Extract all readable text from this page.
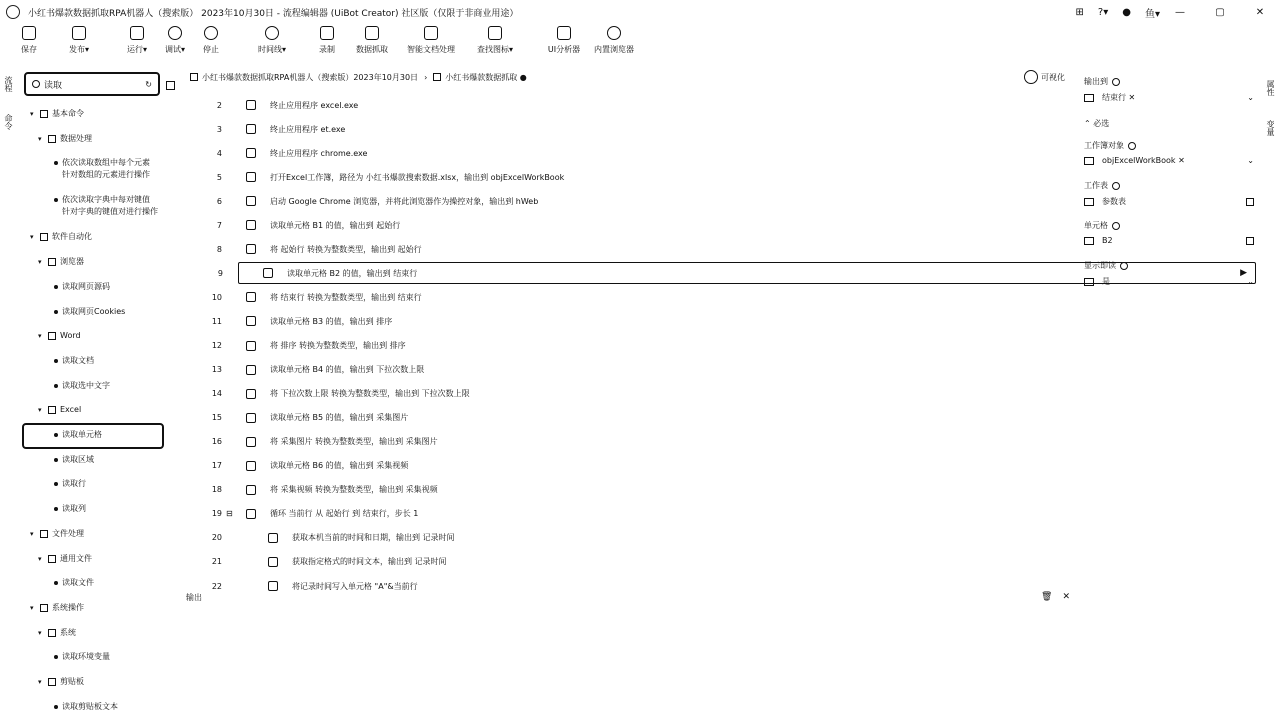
小红书爆款数据抓取RPA机器人（搜索版） 2023年10月30日 - 流程编辑器 (UiBot Creator) 社区版（仅限于非商业用途）	⊞ ?▾ ● 鱼▾	—	▢	✕
保存	发布▾	运行▾ 调试▾ 停止	时间线▾	录制	数据抓取 智能文档处理	查找图标▾	UI分析器 内置浏览器
流程
命令
读取	↻
▾	基本命令
▾	数据处理
依次读取数组中每个元素
针对数组的元素进行操作
依次读取字典中每对键值
针对字典的键值对进行操作
▾	软件自动化
▾	浏览器
读取网页源码
读取网页Cookies
▾	Word
读取文档
读取选中文字
▾	Excel
读取单元格
读取区域
读取行
读取列
▾	文件处理
▾	通用文件
读取文件
▾	系统操作
▾	系统
读取环境变量
▾	剪贴板
读取剪贴板文本
小红书爆款数据抓取RPA机器人（搜索版）2023年10月30日 › 小红书爆款数据抓取 ●	可视化
2	终止应用程序 excel.exe
3	终止应用程序 et.exe
4	终止应用程序 chrome.exe
5	打开Excel工作簿，路径为 小红书爆款搜索数据.xlsx，输出到 objExcelWorkBook
6	启动 Google Chrome 浏览器，并将此浏览器作为操控对象，输出到 hWeb
7	读取单元格 B1 的值，输出到 起始行
8	将 起始行 转换为整数类型，输出到 起始行
9	读取单元格 B2 的值，输出到 结束行	▶
10	将 结束行 转换为整数类型，输出到 结束行
11	读取单元格 B3 的值，输出到 排序
12	将 排序 转换为整数类型，输出到 排序
13	读取单元格 B4 的值，输出到 下拉次数上限
14	将 下拉次数上限 转换为整数类型，输出到 下拉次数上限
15	读取单元格 B5 的值，输出到 采集图片
16	将 采集图片 转换为整数类型，输出到 采集图片
17	读取单元格 B6 的值，输出到 采集视频
18	将 采集视频 转换为整数类型，输出到 采集视频
19 ⊟	循环 当前行 从 起始行 到 结束行，步长 1
20	获取本机当前的时间和日期，输出到 记录时间
21	获取指定格式的时间文本，输出到 记录时间
22	将记录时间写入单元格 "A"&当前行
输出	🗑 ✕
输出到
结束行 ✕	⌄
⌃ 必选
工作簿对象
objExcelWorkBook ✕	⌄
工作表
参数表
单元格
B2
显示即读
是	⌄
属性
变量
